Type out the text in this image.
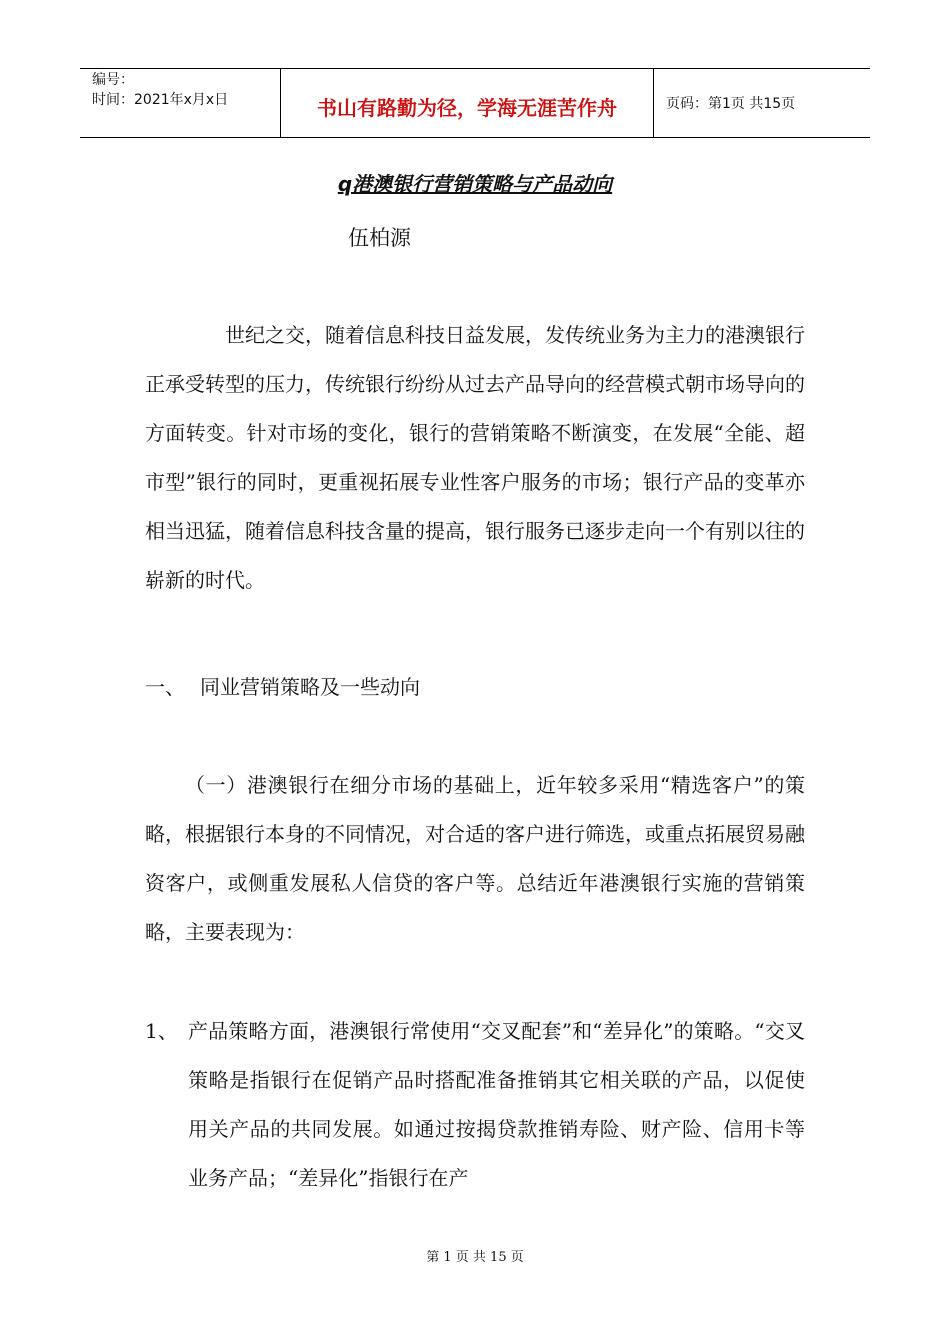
编号：
时间：2021年x月x日	书山有路勤为径，学海无涯苦作舟	页码：第1页 共15页
q港澳银行营销策略与产品动向
伍柏源

世纪之交，随着信息科技日益发展，发传统业务为主力的港澳银行正承受转型的压力，传统银行纷纷从过去产品导向的经营模式朝市场导向的方面转变。针对市场的变化，银行的营销策略不断演变，在发展“全能、超市型”银行的同时，更重视拓展专业性客户服务的市场；银行产品的变革亦相当迅猛，随着信息科技含量的提高，银行服务已逐步走向一个有别以往的崭新的时代。

一、 同业营销策略及一些动向

（一）港澳银行在细分市场的基础上，近年较多采用“精选客户”的策略，根据银行本身的不同情况，对合适的客户进行筛选，或重点拓展贸易融资客户，或侧重发展私人信贷的客户等。总结近年港澳银行实施的营销策略，主要表现为：

1、 产品策略方面，港澳银行常使用“交叉配套”和“差异化”的策略。“交叉策略是指银行在促销产品时搭配准备推销其它相关联的产品，以促使用关产品的共同发展。如通过按揭贷款推销寿险、财产险、信用卡等业务产品；“差异化”指银行在产

第 1 页 共 15 页
